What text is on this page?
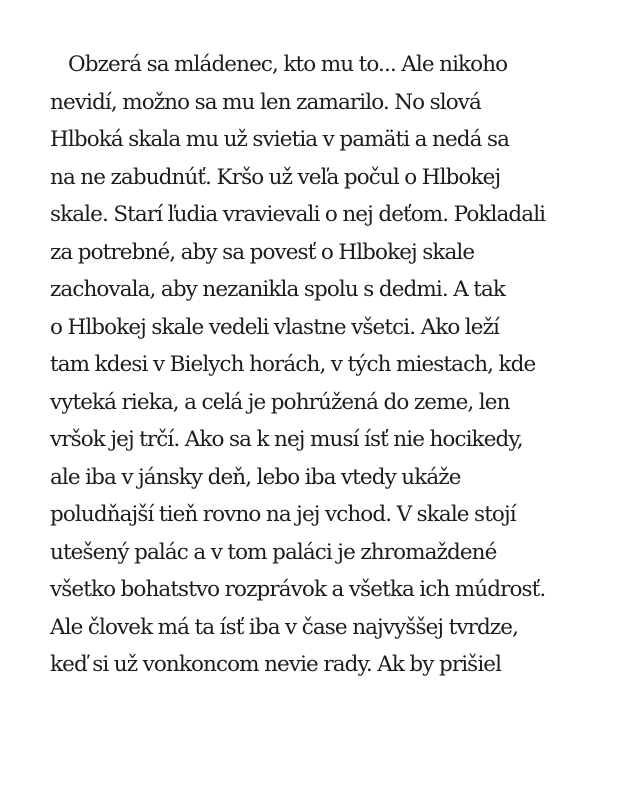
Obzerá sa mládenec, kto mu to... Ale nikoho
nevidí, možno sa mu len zamarilo. No slová
Hlboká skala mu už svietia v pamäti a nedá sa
na ne zabudnúť. Kršo už veľa počul o Hlbokej
skale. Starí ľudia vravievali o nej deťom. Pokladali
za potrebné, aby sa povesť o Hlbokej skale
zachovala, aby nezanikla spolu s dedmi. A tak
o Hlbokej skale vedeli vlastne všetci. Ako leží
tam kdesi v Bielych horách, v tých miestach, kde
vyteká rieka, a celá je pohrúžená do zeme, len
vršok jej trčí. Ako sa k nej musí ísť nie hocikedy,
ale iba v jánsky deň, lebo iba vtedy ukáže
poludňajší tieň rovno na jej vchod. V skale stojí
utešený palác a v tom paláci je zhromaždené
všetko bohatstvo rozprávok a všetka ich múdrosť.
Ale človek má ta ísť iba v čase najvyššej tvrdze,
keď si už vonkoncom nevie rady. Ak by prišiel
